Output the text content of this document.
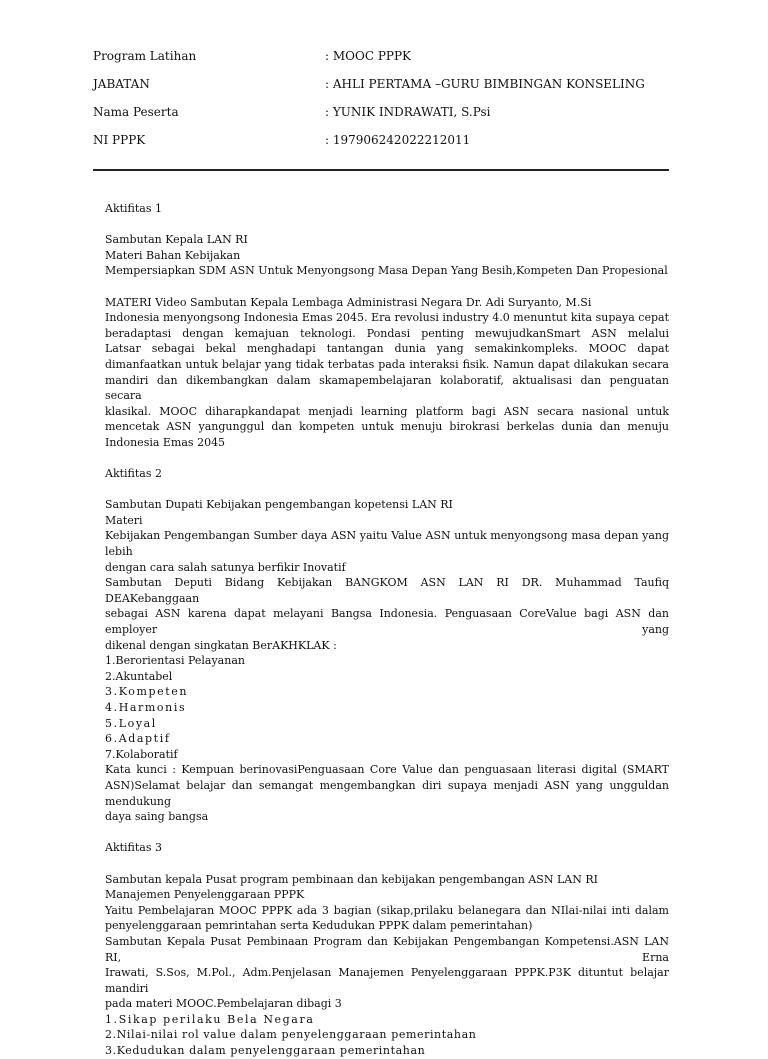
Program Latihan	: MOOC PPPK
JABATAN	: AHLI PERTAMA –GURU BIMBINGAN KONSELING
Nama Peserta	: YUNIK INDRAWATI, S.Psi
NI PPPK	: 197906242022212011

Aktifitas 1

Sambutan Kepala LAN RI

Materi Bahan Kebijakan

Mempersiapkan SDM ASN Untuk Menyongsong Masa Depan Yang Besih,Kompeten Dan Propesional

MATERI Video Sambutan Kepala Lembaga Administrasi Negara Dr. Adi Suryanto, M.Si

Indonesia menyongsong Indonesia Emas 2045. Era revolusi industry 4.0 menuntut kita supaya cepat

beradaptasi dengan kemajuan teknologi. Pondasi penting mewujudkanSmart ASN melalui

Latsar sebagai bekal menghadapi tantangan dunia yang semakinkompleks. MOOC dapat

dimanfaatkan untuk belajar yang tidak terbatas pada interaksi fisik. Namun dapat dilakukan secara

mandiri dan dikembangkan dalam skamapembelajaran kolaboratif, aktualisasi dan penguatan secara

klasikal. MOOC diharapkandapat menjadi learning platform bagi ASN secara nasional untuk

mencetak ASN yangunggul dan kompeten untuk menuju birokrasi berkelas dunia dan menuju

Indonesia Emas 2045

Aktifitas 2

Sambutan Dupati Kebijakan pengembangan kopetensi LAN RI

Materi

Kebijakan Pengembangan Sumber daya ASN yaitu Value ASN untuk menyongsong masa depan yang lebih

dengan cara salah satunya berfikir Inovatif

Sambutan Deputi Bidang Kebijakan BANGKOM ASN LAN RI DR. Muhammad Taufiq DEAKebanggaan

sebagai ASN karena dapat melayani Bangsa Indonesia. Penguasaan CoreValue bagi ASN dan employer yang

dikenal dengan singkatan BerAKHKLAK :

1.Berorientasi Pelayanan

2.Akuntabel

3.Kompeten

4.Harmonis

5.Loyal

6.Adaptif

7.Kolaboratif

Kata kunci : Kempuan berinovasiPenguasaan Core Value dan penguasaan literasi digital (SMART

ASN)Selamat belajar dan semangat mengembangkan diri supaya menjadi ASN yang ungguldan mendukung

daya saing bangsa

Aktifitas 3

Sambutan kepala Pusat program pembinaan dan kebijakan pengembangan ASN LAN RI

Manajemen Penyelenggaraan PPPK

Yaitu Pembelajaran MOOC PPPK ada 3 bagian (sikap,prilaku belanegara dan NIlai-nilai inti dalam

penyelenggaraan pemrintahan serta Kedudukan PPPK dalam pemerintahan)

Sambutan Kepala Pusat Pembinaan Program dan Kebijakan Pengembangan Kompetensi.ASN LAN RI, Erna

Irawati, S.Sos, M.Pol., Adm.Penjelasan Manajemen Penyelenggaraan PPPK.P3K dituntut belajar mandiri

pada materi MOOC.Pembelajaran dibagi 3

1.Sikap perilaku Bela Negara

2.Nilai-nilai rol value dalam penyelenggaraan pemerintahan

3.Kedudukan dalam penyelenggaraan pemerintahan
